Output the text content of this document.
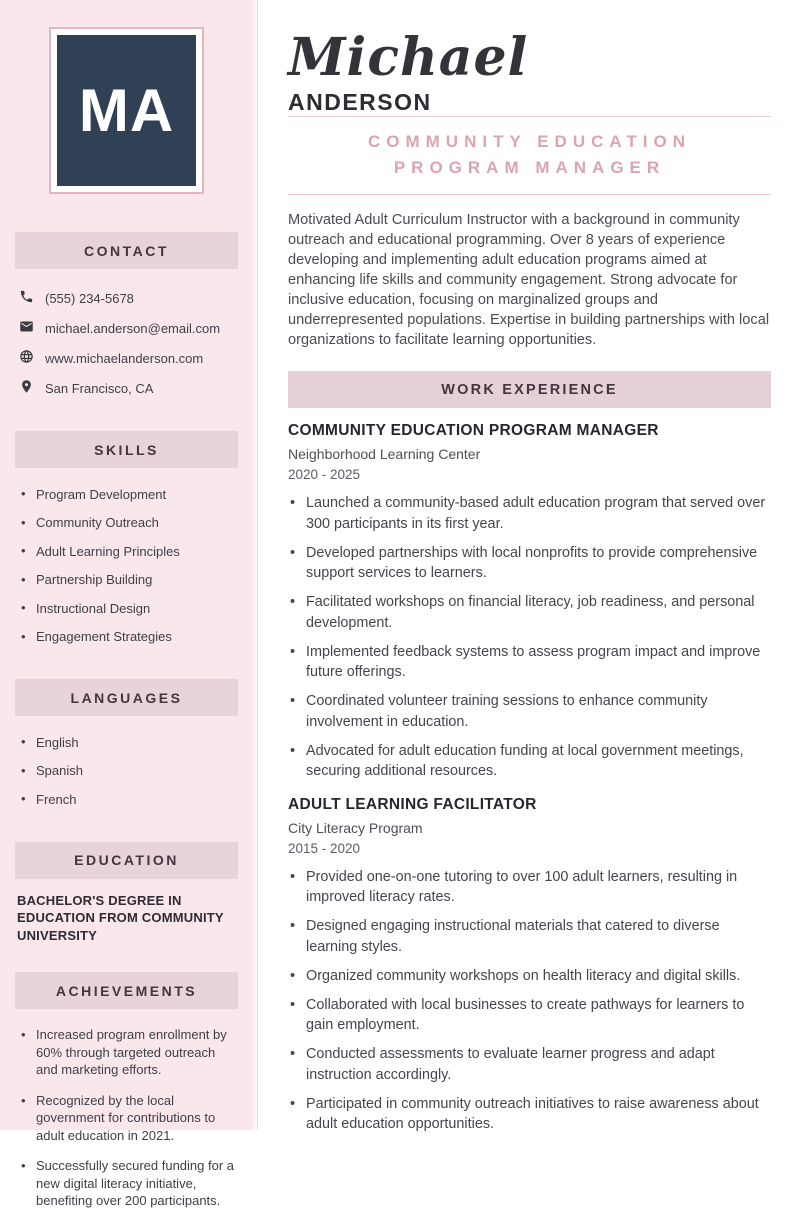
MA
CONTACT
(555) 234-5678
michael.anderson@email.com
www.michaelanderson.com
San Francisco, CA
SKILLS
• Program Development
• Community Outreach
• Adult Learning Principles
• Partnership Building
• Instructional Design
• Engagement Strategies
LANGUAGES
• English
• Spanish
• French
EDUCATION
BACHELOR'S DEGREE IN EDUCATION FROM COMMUNITY UNIVERSITY
ACHIEVEMENTS
• Increased program enrollment by 60% through targeted outreach and marketing efforts.
• Recognized by the local government for contributions to adult education in 2021.
• Successfully secured funding for a new digital literacy initiative, benefiting over 200 participants.
Michael
ANDERSON
COMMUNITY EDUCATION PROGRAM MANAGER

Motivated Adult Curriculum Instructor with a background in community outreach and educational programming. Over 8 years of experience developing and implementing adult education programs aimed at enhancing life skills and community engagement. Strong advocate for inclusive education, focusing on marginalized groups and underrepresented populations. Expertise in building partnerships with local organizations to facilitate learning opportunities.

WORK EXPERIENCE
COMMUNITY EDUCATION PROGRAM MANAGER
Neighborhood Learning Center
2020 - 2025
• Launched a community-based adult education program that served over 300 participants in its first year.
• Developed partnerships with local nonprofits to provide comprehensive support services to learners.
• Facilitated workshops on financial literacy, job readiness, and personal development.
• Implemented feedback systems to assess program impact and improve future offerings.
• Coordinated volunteer training sessions to enhance community involvement in education.
• Advocated for adult education funding at local government meetings, securing additional resources.
ADULT LEARNING FACILITATOR
City Literacy Program
2015 - 2020
• Provided one-on-one tutoring to over 100 adult learners, resulting in improved literacy rates.
• Designed engaging instructional materials that catered to diverse learning styles.
• Organized community workshops on health literacy and digital skills.
• Collaborated with local businesses to create pathways for learners to gain employment.
• Conducted assessments to evaluate learner progress and adapt instruction accordingly.
• Participated in community outreach initiatives to raise awareness about adult education opportunities.
